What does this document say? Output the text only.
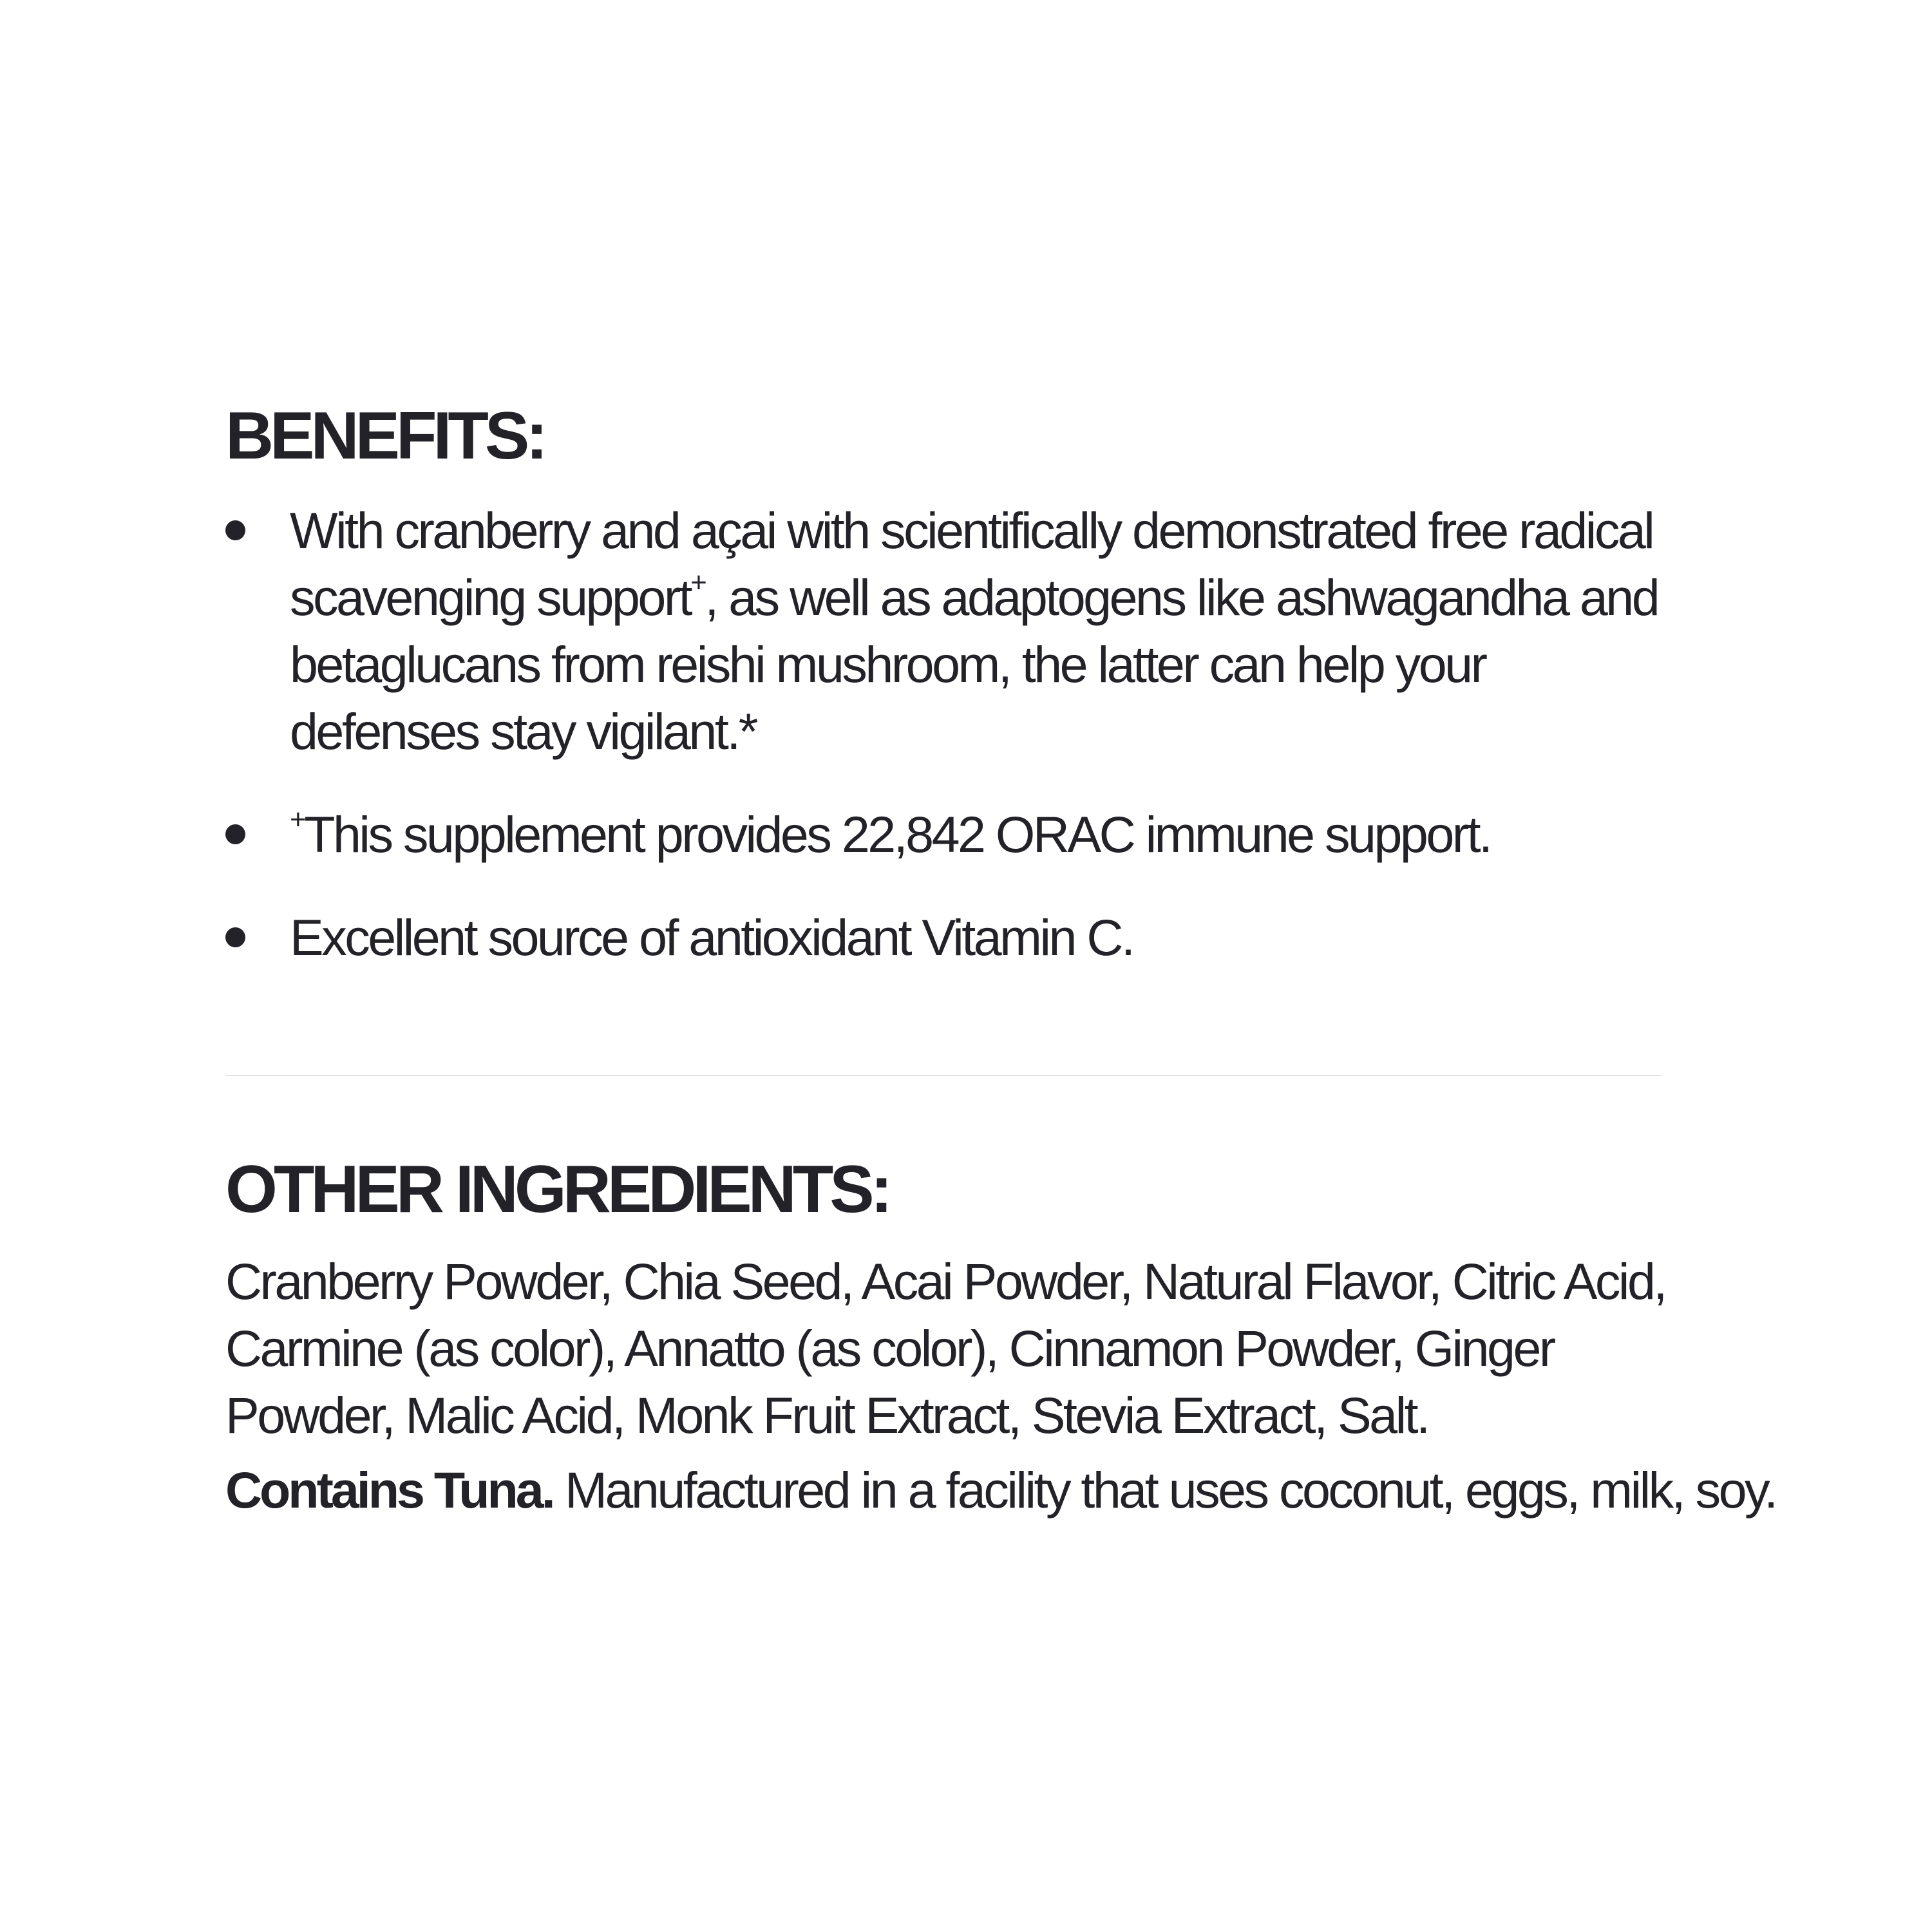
BENEFITS:
With cranberry and açai with scientifically demonstrated free radical scavenging support+, as well as adaptogens like ashwagandha and betaglucans from reishi mushroom, the latter can help your defenses stay vigilant.*
+This supplement provides 22,842 ORAC immune support.
Excellent source of antioxidant Vitamin C.
OTHER INGREDIENTS:

Cranberry Powder, Chia Seed, Acai Powder, Natural Flavor, Citric Acid, Carmine (as color), Annatto (as color), Cinnamon Powder, Ginger Powder, Malic Acid, Monk Fruit Extract, Stevia Extract, Salt.

Contains Tuna. Manufactured in a facility that uses coconut, eggs, milk, soy.
